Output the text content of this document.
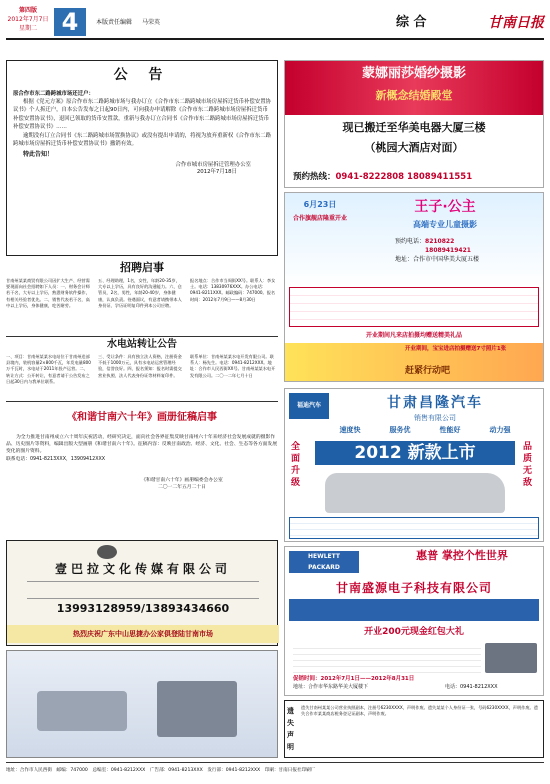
第四版
2012年7月7日
星期二	4	本版责任编辑 马荣英	综 合	甘南日报
公 告
原合作市东二路跨城市场还迁户：
根据《党元方案》原合作市东二路跨城市场与我办订立《合作市东二路跨城市场房屋拆迁货币补偿安置协议书》个人拆迁户，自本公告发布之日起90日内，可向我办申请解除《合作市东二路跨城市场房屋拆迁货币补偿安置协议书》，退回已领取的货币安置款，重新与我办订立合同书《合作市东二路跨城市场房屋拆迁货币补偿安置协议书》……
逾期没有订立合同书《东二路跨城市场置换协议》或没有提出申请的，将视为放弃重新权《合作市东二路跨城市场房屋拆迁货币补偿安置协议书》撤销有效。
特此告知！
合作市城市房屋拆迁管理办公室
2012年7月18日
招聘启事
甘南州某某商贸有限公司因扩大生产、经营需要现面向社会招聘如下人员：一、财务会计师若干名，大专以上学历，熟悉财务软件操作，有相关经验者优先。二、销售代表若干名，高中以上学历，身体健康，吃苦耐劳。
五、经理助理，1名，女性，年龄20-35岁，大专以上学历，具有良好的沟通能力。六、仓管员，2名，男性，年龄20-40岁，身体健康，认真负责。待遇面议，有意者请携带本人身份证、学历证明复印件到本公司应聘。
报名地点：合作市当周街XX号。联系人：李女士。电话：13830976XXX。办公电话：0941-8211XXX。邮政编码：747000。报名时间：2012年7月9日——8月30日
水电站转让公告
一、项目：甘南州某某水电站位于甘南州迭部县境内，装机容量2×800千瓦，年发电量800万千瓦时，水电站于2011年投产运营。二、转让方式：公开转让，有意者请于公告发布之日起30日内与我单位联系。
三、受让条件：具有独立法人资格，注册资金不低于1000万元，具有水电站运营管理经验，信誉良好。四、报名须知：报名时需提交营业执照、法人代表身份证等材料复印件。
联系单位：甘南州某某水电开发有限公司。联系人：杨先生。电话：0941-8212XXX。地址：合作市人民西街XX号。甘南州某某水电开发有限公司。二〇一二年七月十日
《和谐甘南六十年》画册征稿启事
为全力推进甘南州成立六十周年庆祝活动，经研究决定，面向社会各界征集反映甘南州六十年来经济社会发展成就的摄影作品、历史图片等资料，编辑出版大型画册《和谐甘南六十年》。征稿内容：反映甘南政治、经济、文化、社会、生态等各方面发展变化的图片资料。
联系电话：0941-8213XXX，13909412XXX
《和谐甘南六十年》画册编委会办公室
二〇一二年五月二十日
壹巴拉文化传媒有限公司
13993128959/13893434660
热烈庆祝广东中山思捷办公家俱登陆甘南市场
蒙娜丽莎婚纱摄影
新概念结婚殿堂
现已搬迁至华美电器大厦三楼
（桃园大酒店对面）
预约热线：0941-8222808 18089411551
6月23日
合作旗舰店隆重开业
王子·公主
高端专业儿童摄影
预约电话：8210822
18089419421
地址：合作市中国华美大厦五楼
开业期间凡来店拍摄均赠送精美礼品
开业期间，宝宝进店拍摄赠送7寸照片1张
赶紧行动吧
福迪汽车	甘肃昌隆汽车
销售有限公司
速度快	服务优	性能好	动力强
全面升级
2012 新款上市	品质无敌
HEWLETT
PACKARD
惠普 掌控个性世界
甘南盛源电子科技有限公司
开业200元现金红包大礼
促销时间：2012年7月1日——2012年8月31日
地址：合作市华东路华美大厦楼下	电话：0941-8212XXX
遗失声明
遗失甘南州某某公司营业执照副本，注册号6230XXXX，声明作废。遗失某某个人身份证一张，号码6230XXXX，声明作废。遗失合作市某某商店税务登记证副本，声明作废。
地址：合作市人民西街　邮编：747000　总编室：0941-8212XXX　广告部：0941-8213XXX　发行部：0941-8212XXX　印刷：甘南日报社印刷厂
